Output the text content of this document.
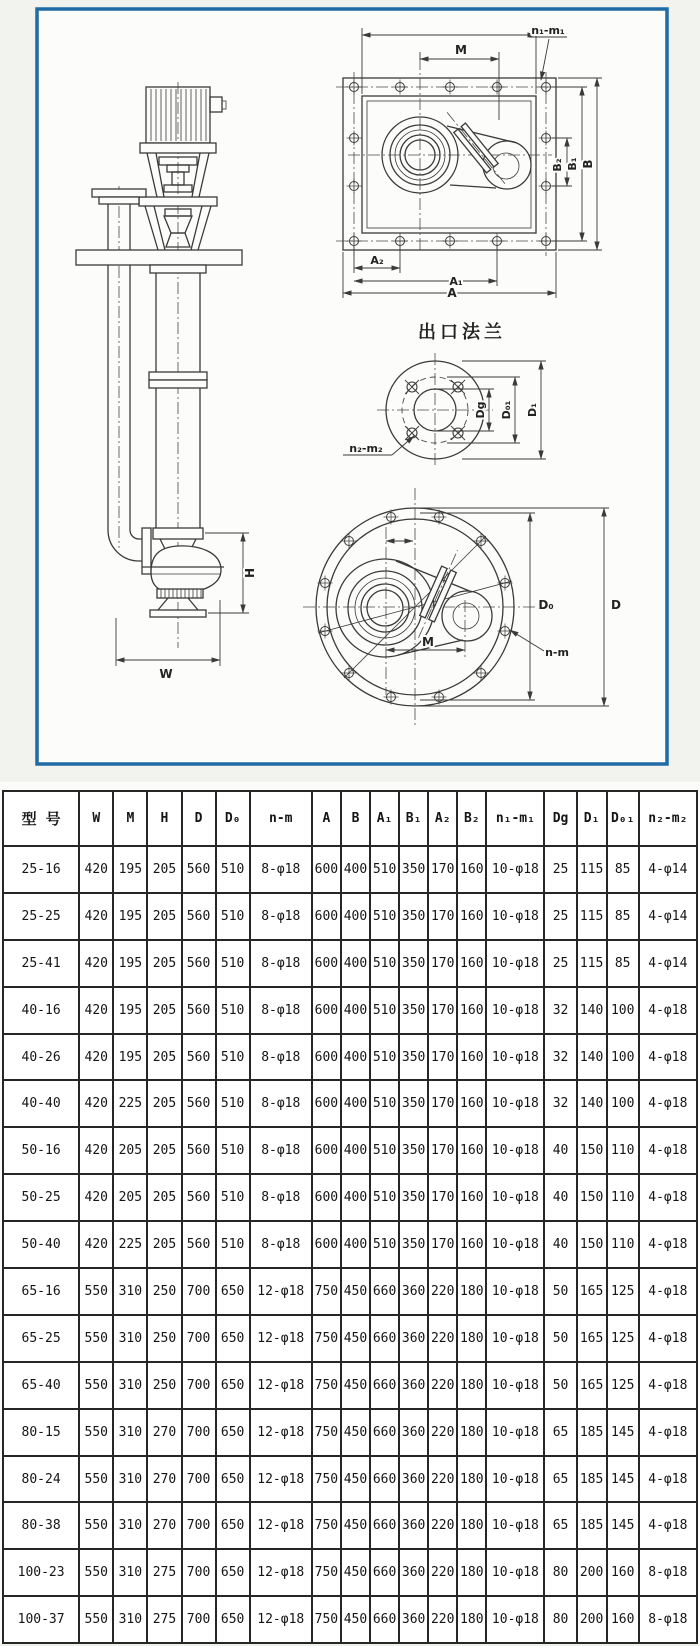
H
W
M
n₁-m₁
B₂ B₁ B
A₂
A₁
A
出口法兰
Dg D₀₁ D₁
n₂-m₂
M
D₀	D
n-m
型 号	W	M	H	D	D₀	n-m	A	B	A₁	B₁	A₂	B₂	n₁-m₁	Dg	D₁	D₀₁	n₂-m₂
25-16	420	195	205	560	510	8-φ18	600	400	510	350	170	160	10-φ18	25	115	85	4-φ14
25-25	420	195	205	560	510	8-φ18	600	400	510	350	170	160	10-φ18	25	115	85	4-φ14
25-41	420	195	205	560	510	8-φ18	600	400	510	350	170	160	10-φ18	25	115	85	4-φ14
40-16	420	195	205	560	510	8-φ18	600	400	510	350	170	160	10-φ18	32	140	100	4-φ18
40-26	420	195	205	560	510	8-φ18	600	400	510	350	170	160	10-φ18	32	140	100	4-φ18
40-40	420	225	205	560	510	8-φ18	600	400	510	350	170	160	10-φ18	32	140	100	4-φ18
50-16	420	205	205	560	510	8-φ18	600	400	510	350	170	160	10-φ18	40	150	110	4-φ18
50-25	420	205	205	560	510	8-φ18	600	400	510	350	170	160	10-φ18	40	150	110	4-φ18
50-40	420	225	205	560	510	8-φ18	600	400	510	350	170	160	10-φ18	40	150	110	4-φ18
65-16	550	310	250	700	650	12-φ18	750	450	660	360	220	180	10-φ18	50	165	125	4-φ18
65-25	550	310	250	700	650	12-φ18	750	450	660	360	220	180	10-φ18	50	165	125	4-φ18
65-40	550	310	250	700	650	12-φ18	750	450	660	360	220	180	10-φ18	50	165	125	4-φ18
80-15	550	310	270	700	650	12-φ18	750	450	660	360	220	180	10-φ18	65	185	145	4-φ18
80-24	550	310	270	700	650	12-φ18	750	450	660	360	220	180	10-φ18	65	185	145	4-φ18
80-38	550	310	270	700	650	12-φ18	750	450	660	360	220	180	10-φ18	65	185	145	4-φ18
100-23	550	310	275	700	650	12-φ18	750	450	660	360	220	180	10-φ18	80	200	160	8-φ18
100-37	550	310	275	700	650	12-φ18	750	450	660	360	220	180	10-φ18	80	200	160	8-φ18
